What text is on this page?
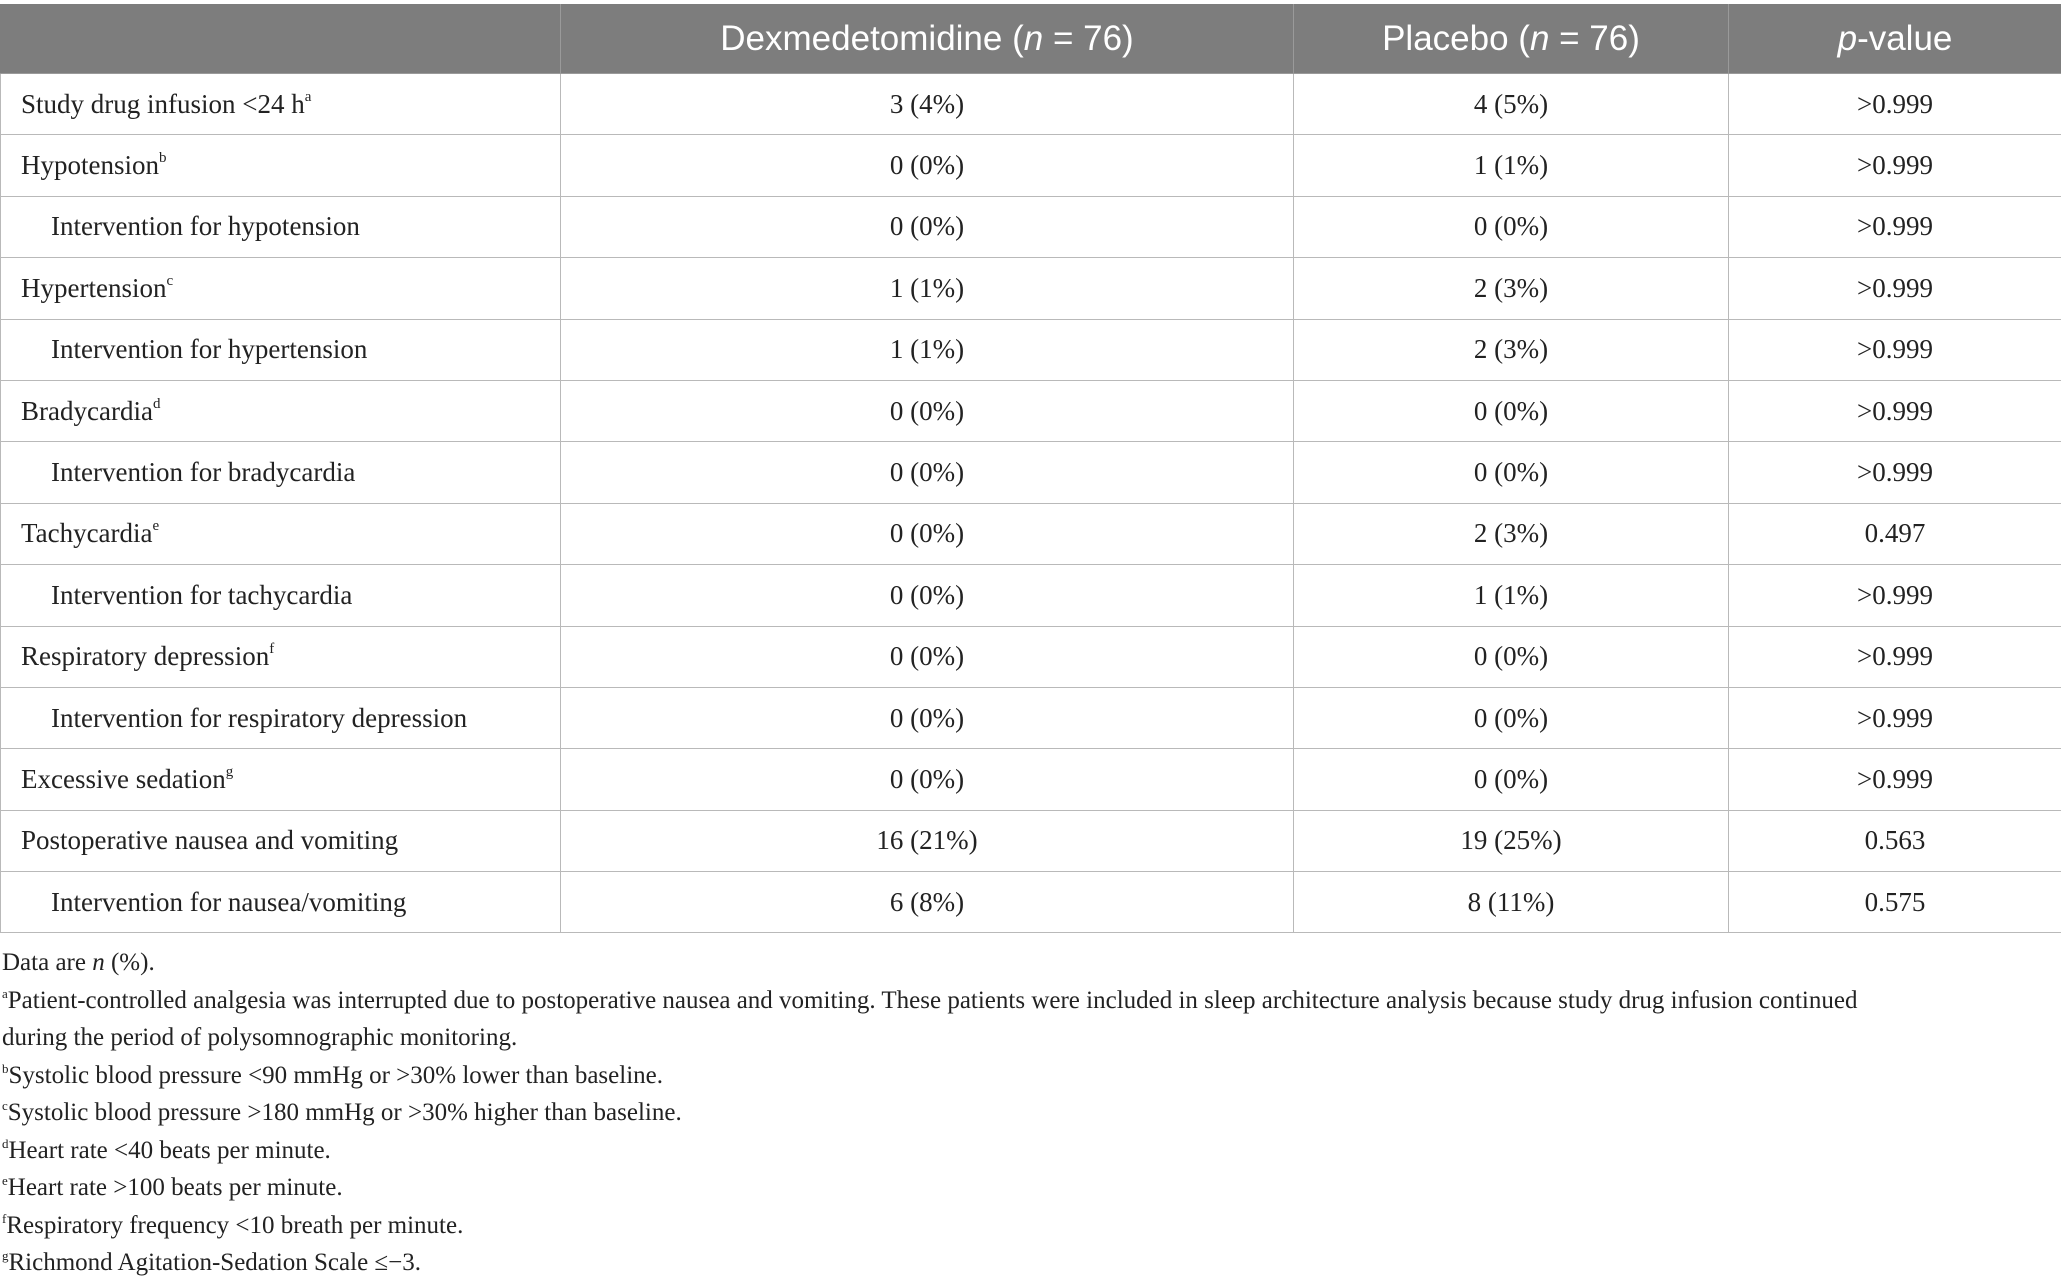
	Dexmedetomidine (n = 76)	Placebo (n = 76)	p-value
Study drug infusion <24 $h^a$	3 (4%)	4 (5%)	>0.999
Hypotension$^b$	0 (0%)	1 (1%)	>0.999
Intervention for hypotension	0 (0%)	0 (0%)	>0.999
Hypertension$^c$	1 (1%)	2 (3%)	>0.999
Intervention for hypertension	1 (1%)	2 (3%)	>0.999
Bradycardia$^d$	0 (0%)	0 (0%)	>0.999
Intervention for bradycardia	0 (0%)	0 (0%)	>0.999
Tachycardia$^e$	0 (0%)	2 (3%)	0.497
Intervention for tachycardia	0 (0%)	1 (1%)	>0.999
Respiratory depression$^f$	0 (0%)	0 (0%)	>0.999
Intervention for respiratory depression	0 (0%)	0 (0%)	>0.999
Excessive sedation$^g$	0 (0%)	0 (0%)	>0.999
Postoperative nausea and vomiting	16 (21%)	19 (25%)	0.563
Intervention for nausea/vomiting	6 (8%)	8 (11%)	0.575

Data are n (%).

$^a$Patient-controlled analgesia was interrupted due to postoperative nausea and vomiting. These patients were included in sleep architecture analysis because study drug infusion continued

during the period of polysomnographic monitoring.

$^b$Systolic blood pressure <90 mmHg or >30% lower than baseline.

$^c$Systolic blood pressure >180 mmHg or >30% higher than baseline.

$^d$Heart rate <40 beats per minute.

$^e$Heart rate >100 beats per minute.

$^f$Respiratory frequency <10 breath per minute.

$^g$Richmond Agitation-Sedation Scale ≤−3.
